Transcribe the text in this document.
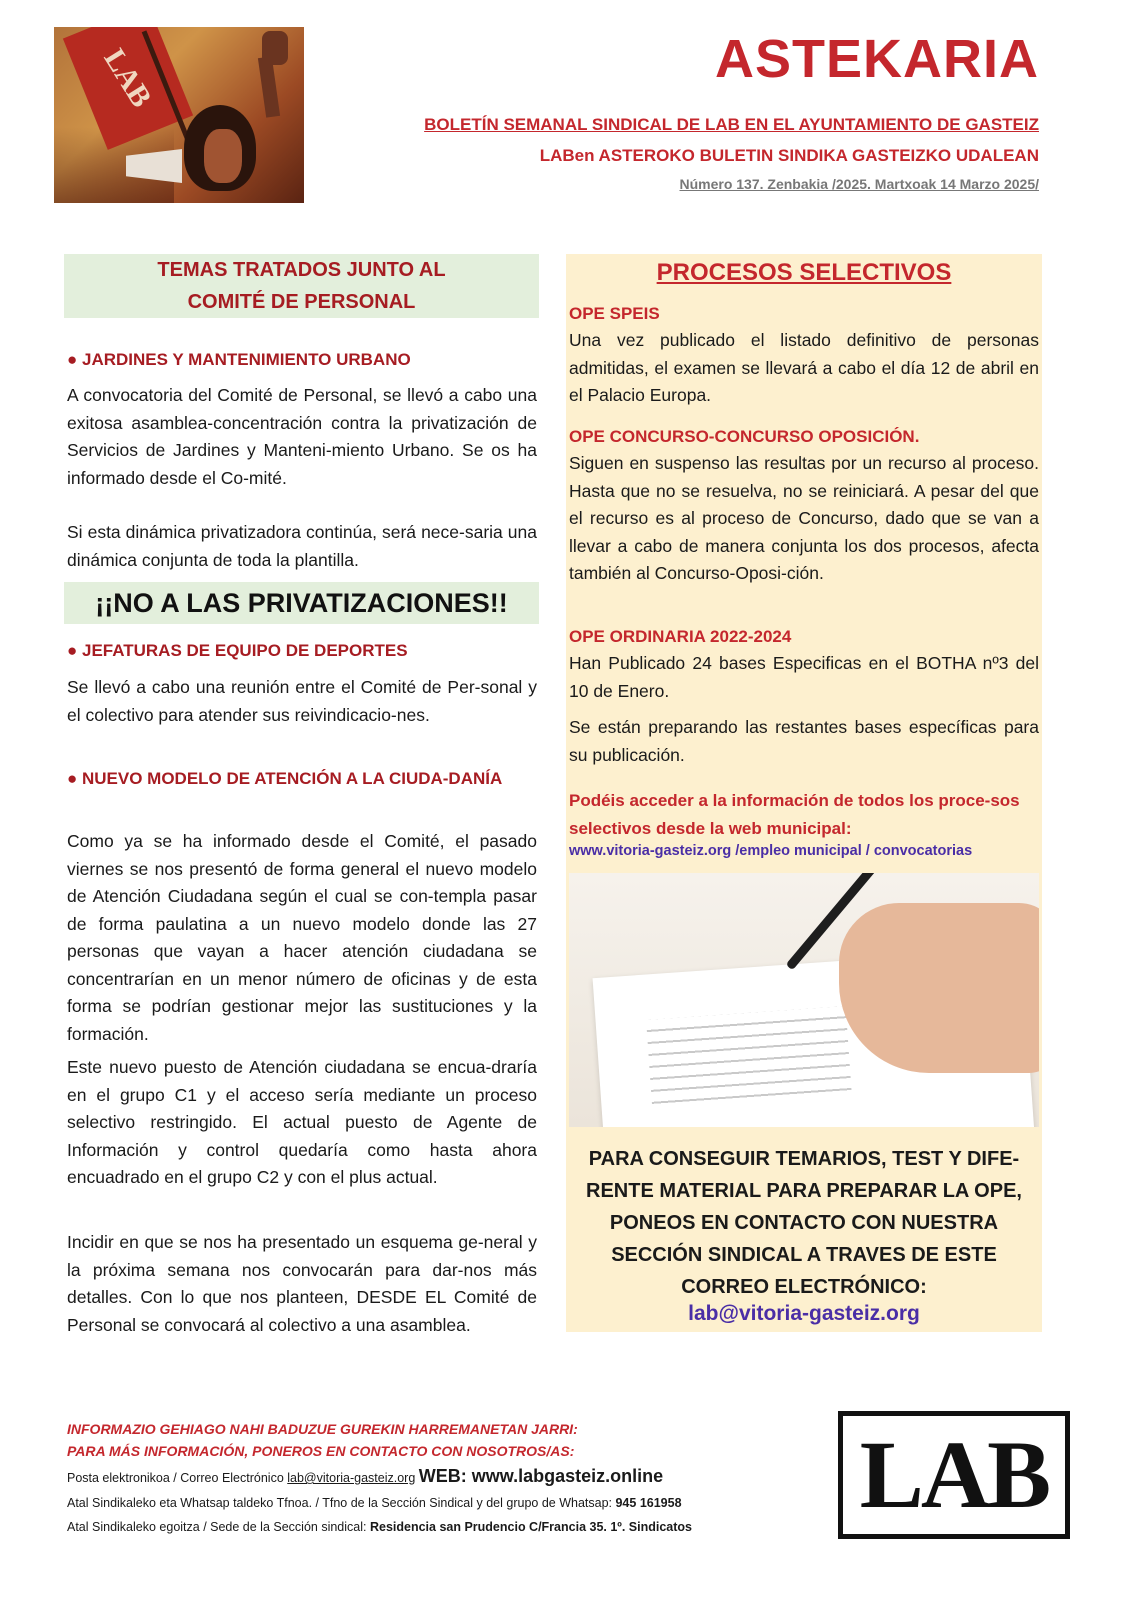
LAB	ASTEKARIA
BOLETÍN SEMANAL SINDICAL DE LAB EN EL AYUNTAMIENTO DE GASTEIZ
LABen ASTEROKO BULETIN SINDIKA GASTEIZKO UDALEAN
Número 137. Zenbakia /2025. Martxoak 14 Marzo 2025/
TEMAS TRATADOS JUNTO AL
COMITÉ DE PERSONAL
● JARDINES Y MANTENIMIENTO URBANO
A convocatoria del Comité de Personal, se llevó a cabo una exitosa asamblea-concentración contra la privatización de Servicios de Jardines y Manteni-miento Urbano. Se os ha informado desde el Co-mité.
Si esta dinámica privatizadora continúa, será nece-saria una dinámica conjunta de toda la plantilla.
¡¡NO A LAS PRIVATIZACIONES!!
● JEFATURAS DE EQUIPO DE DEPORTES
Se llevó a cabo una reunión entre el Comité de Per-sonal y el colectivo para atender sus reivindicacio-nes.
● NUEVO MODELO DE ATENCIÓN A LA CIUDA-DANÍA
Como ya se ha informado desde el Comité, el pasado viernes se nos presentó de forma general el nuevo modelo de Atención Ciudadana según el cual se con-templa pasar de forma paulatina a un nuevo modelo donde las 27 personas que vayan a hacer atención ciudadana se concentrarían en un menor número de oficinas y de esta forma se podrían gestionar mejor las sustituciones y la formación.
Este nuevo puesto de Atención ciudadana se encua-draría en el grupo C1 y el acceso sería mediante un proceso selectivo restringido. El actual puesto de Agente de Información y control quedaría como hasta ahora encuadrado en el grupo C2 y con el plus actual.
Incidir en que se nos ha presentado un esquema ge-neral y la próxima semana nos convocarán para dar-nos más detalles. Con lo que nos planteen, DESDE EL Comité de Personal se convocará al colectivo a una asamblea.
PROCESOS SELECTIVOS
OPE SPEIS
Una vez publicado el listado definitivo de personas admitidas, el examen se llevará a cabo el día 12 de abril en el Palacio Europa.
OPE CONCURSO-CONCURSO OPOSICIÓN.
Siguen en suspenso las resultas por un recurso al proceso. Hasta que no se resuelva, no se reiniciará. A pesar del que el recurso es al proceso de Concurso, dado que se van a llevar a cabo de manera conjunta los dos procesos, afecta también al Concurso-Oposi-ción.
OPE ORDINARIA 2022-2024
Han Publicado 24 bases Especificas en el BOTHA nº3 del 10 de Enero.
Se están preparando las restantes bases específicas para su publicación.
Podéis acceder a la información de todos los proce-sos selectivos desde la web municipal:
www.vitoria-gasteiz.org /empleo municipal / convocatorias
PARA CONSEGUIR TEMARIOS, TEST Y DIFE-RENTE MATERIAL PARA PREPARAR LA OPE, PONEOS EN CONTACTO CON NUESTRA SECCIÓN SINDICAL A TRAVES DE ESTE CORREO ELECTRÓNICO:
lab@vitoria-gasteiz.org
INFORMAZIO GEHIAGO NAHI BADUZUE GUREKIN HARREMANETAN JARRI:
PARA MÁS INFORMACIÓN, PONEROS EN CONTACTO CON NOSOTROS/AS:
Posta elektronikoa / Correo Electrónico lab@vitoria-gasteiz.org WEB: www.labgasteiz.online
Atal Sindikaleko eta Whatsap taldeko Tfnoa. / Tfno de la Sección Sindical y del grupo de Whatsap: 945 161958
Atal Sindikaleko egoitza / Sede de la Sección sindical: Residencia san Prudencio C/Francia 35. 1º. Sindicatos LAB
